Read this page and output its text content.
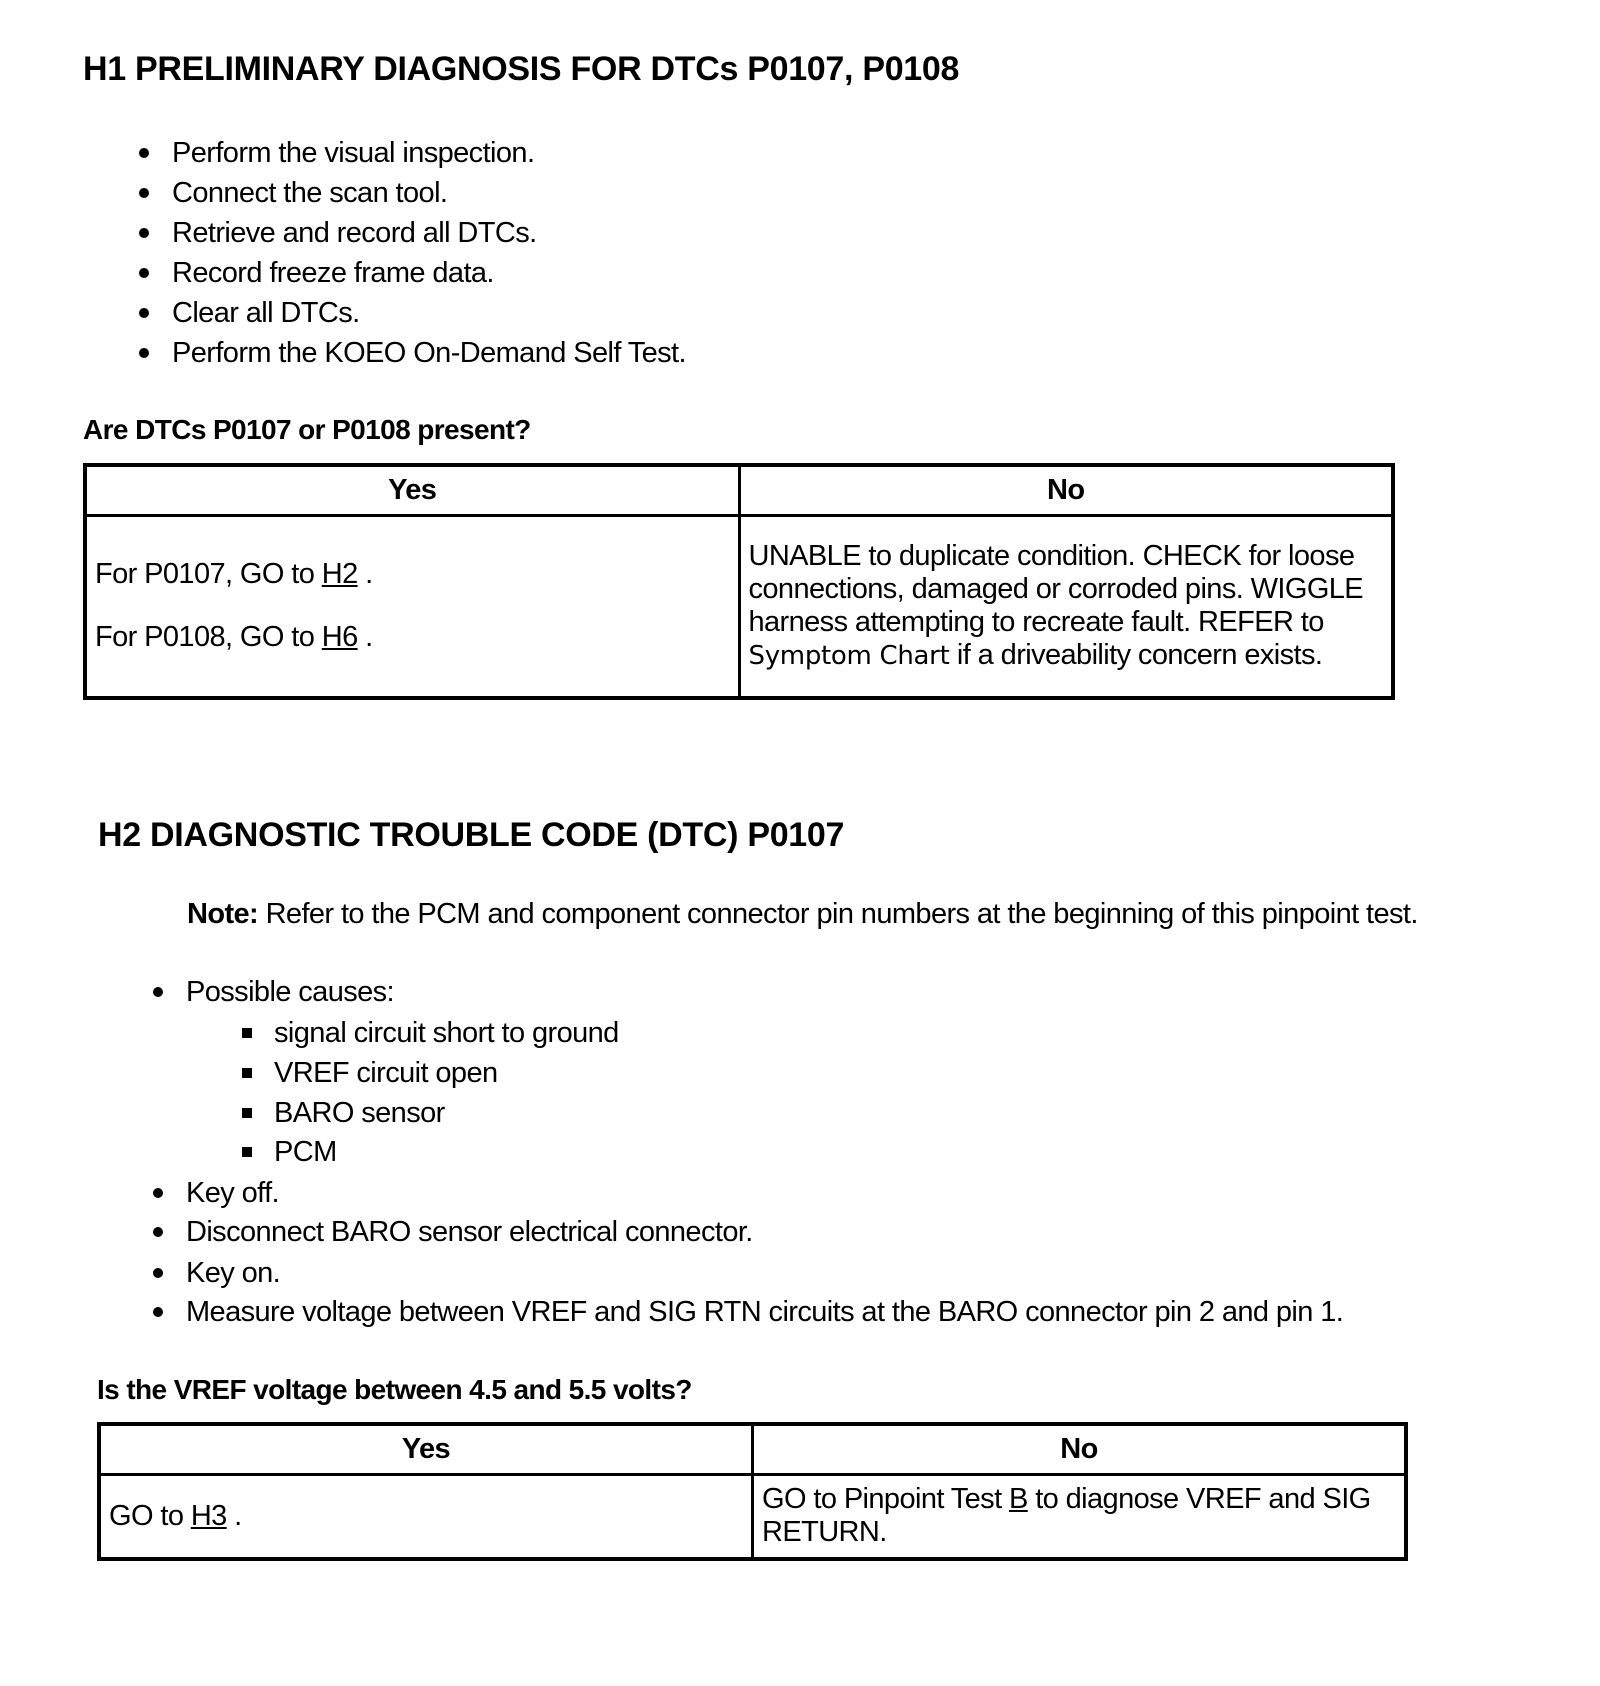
H1 PRELIMINARY DIAGNOSIS FOR DTCs P0107, P0108
Perform the visual inspection.
Connect the scan tool.
Retrieve and record all DTCs.
Record freeze frame data.
Clear all DTCs.
Perform the KOEO On-Demand Self Test.
Are DTCs P0107 or P0108 present?
Yes	No

For P0107, GO to H2 .
For P0108, GO to H6 .	UNABLE to duplicate condition. CHECK for loose connections, damaged or corroded pins. WIGGLE harness attempting to recreate fault. REFER to Symptom Chart if a driveability concern exists.
H2 DIAGNOSTIC TROUBLE CODE (DTC) P0107
Note: Refer to the PCM and component connector pin numbers at the beginning of this pinpoint test.
Possible causes:
signal circuit short to ground
VREF circuit open
BARO sensor
PCM
Key off.
Disconnect BARO sensor electrical connector.
Key on.
Measure voltage between VREF and SIG RTN circuits at the BARO connector pin 2 and pin 1.
Is the VREF voltage between 4.5 and 5.5 volts?
Yes	No
GO to H3 .	GO to Pinpoint Test B to diagnose VREF and SIG RETURN.
